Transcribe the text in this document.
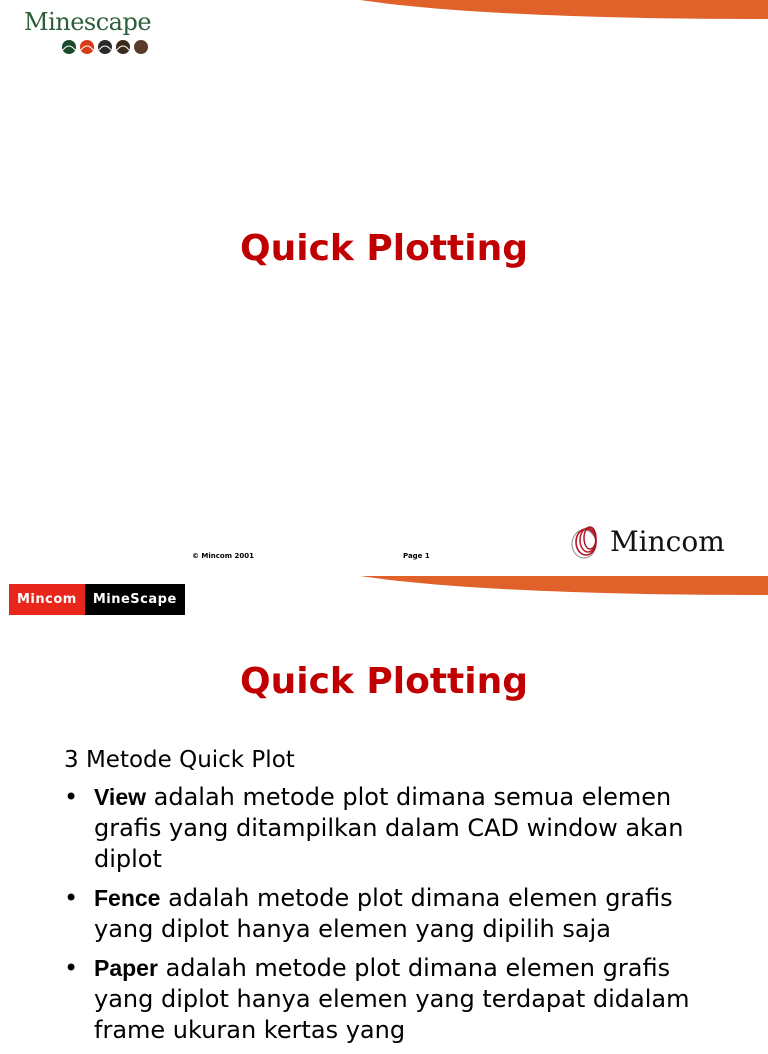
Minescape
Quick Plotting
© Mincom 2001	Page 1	Mincom
Mincom	MineScape
Quick Plotting
3 Metode Quick Plot
• View adalah metode plot dimana semua elemen grafis yang ditampilkan dalam CAD window akan diplot
• Fence adalah metode plot dimana elemen grafis yang diplot hanya elemen yang dipilih saja
• Paper adalah metode plot dimana elemen grafis yang diplot hanya elemen yang terdapat didalam frame ukuran kertas yang
